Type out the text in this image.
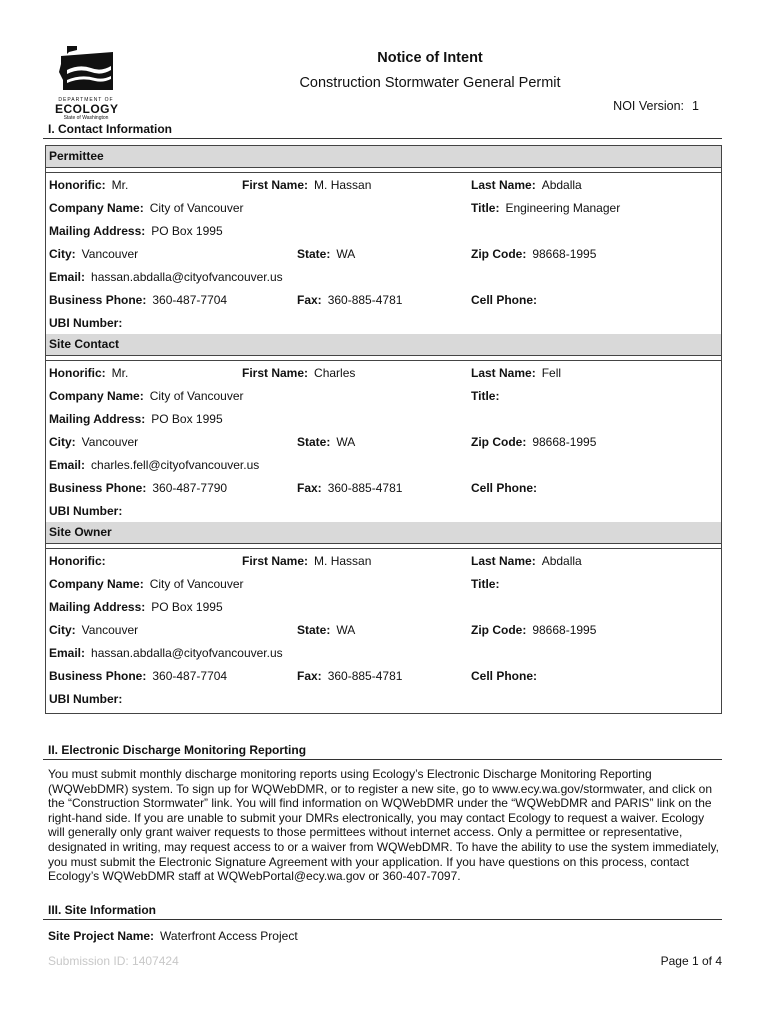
DEPARTMENT OF
ECOLOGY
State of Washington
Notice of Intent
Construction Stormwater General Permit
NOI Version: 1
I. Contact Information
Permittee
Honorific: Mr.	First Name: M. Hassan	Last Name: Abdalla
Company Name: City of Vancouver	Title: Engineering Manager
Mailing Address: PO Box 1995
City: Vancouver	State: WA	Zip Code: 98668-1995
Email: hassan.abdalla@cityofvancouver.us
Business Phone: 360-487-7704	Fax: 360-885-4781	Cell Phone:
UBI Number:
Site Contact
Honorific: Mr.	First Name: Charles	Last Name: Fell
Company Name: City of Vancouver	Title:
Mailing Address: PO Box 1995
City: Vancouver	State: WA	Zip Code: 98668-1995
Email: charles.fell@cityofvancouver.us
Business Phone: 360-487-7790	Fax: 360-885-4781	Cell Phone:
UBI Number:
Site Owner
Honorific:	First Name: M. Hassan	Last Name: Abdalla
Company Name: City of Vancouver	Title:
Mailing Address: PO Box 1995
City: Vancouver	State: WA	Zip Code: 98668-1995
Email: hassan.abdalla@cityofvancouver.us
Business Phone: 360-487-7704	Fax: 360-885-4781	Cell Phone:
UBI Number:
II. Electronic Discharge Monitoring Reporting
You must submit monthly discharge monitoring reports using Ecology’s Electronic Discharge Monitoring Reporting (WQWebDMR) system. To sign up for WQWebDMR, or to register a new site, go to www.ecy.wa.gov/stormwater, and click on the “Construction Stormwater” link. You will find information on WQWebDMR under the “WQWebDMR and PARIS” link on the right-hand side. If you are unable to submit your DMRs electronically, you may contact Ecology to request a waiver. Ecology will generally only grant waiver requests to those permittees without internet access. Only a permittee or representative, designated in writing, may request access to or a waiver from WQWebDMR. To have the ability to use the system immediately, you must submit the Electronic Signature Agreement with your application. If you have questions on this process, contact Ecology’s WQWebDMR staff at WQWebPortal@ecy.wa.gov or 360-407-7097.
III. Site Information
Site Project Name: Waterfront Access Project
Submission ID: 1407424	Page 1 of 4
